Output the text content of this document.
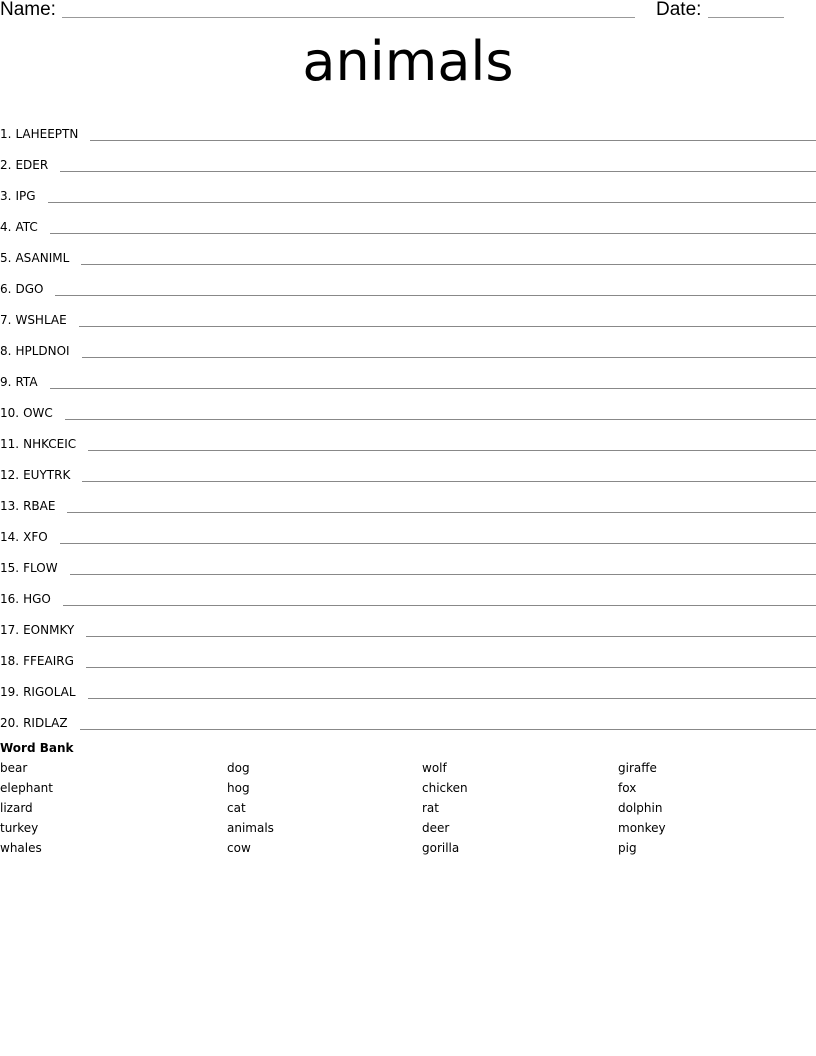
Name:	Date:
animals
1. LAHEEPTN
2. EDER
3. IPG
4. ATC
5. ASANIML
6. DGO
7. WSHLAE
8. HPLDNOI
9. RTA
10. OWC
11. NHKCEIC
12. EUYTRK
13. RBAE
14. XFO
15. FLOW
16. HGO
17. EONMKY
18. FFEAIRG
19. RIGOLAL
20. RIDLAZ
Word Bank
bear
elephant
lizard
turkey
whales
dog
hog
cat
animals
cow
wolf
chicken
rat
deer
gorilla
giraffe
fox
dolphin
monkey
pig
